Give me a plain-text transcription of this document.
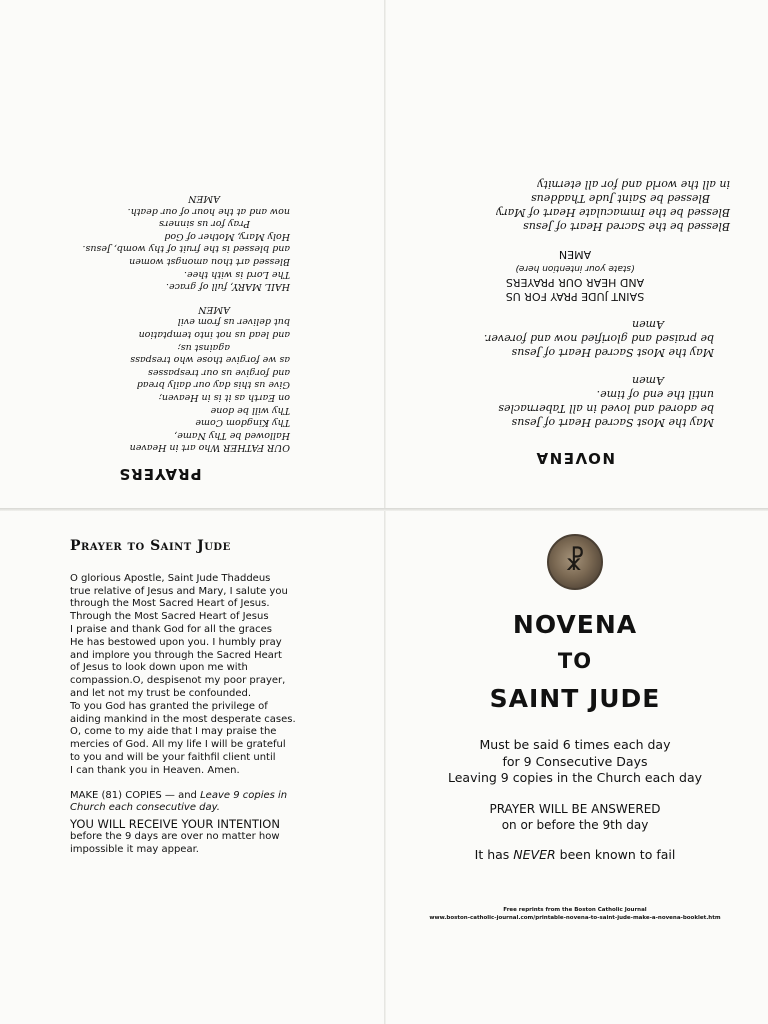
PRAYERS
OUR FATHER Who art in Heaven
Hallowed be Thy Name,
Thy Kingdom Come
Thy will be done
on Earth as it is in Heaven;
Give us this day our daily bread
and forgive us our trespasses
as we forgive those who trespass
against us;
and lead us not into temptation
but deliver us from evil
AMEN
HAIL MARY, full of grace.
The Lord is with thee.
Blessed art thou amongst women
and blessed is the fruit of thy womb, Jesus.
Holy Mary, Mother of God
Pray for us sinners
now and at the hour of our death.
AMEN
NOVENA
May the Most Sacred Heart of Jesus
be adored and loved in all Tabernacles
until the end of time.
Amen
May the Most Sacred Heart of Jesus
be praised and glorified now and forever.
Amen
SAINT JUDE PRAY FOR US
AND HEAR OUR PRAYERS
(state your intention here)
AMEN
Blessed be the Sacred Heart of Jesus
Blessed be the Immaculate Heart of Mary
Blessed be Saint Jude Thaddeus
in all the world and for all eternity
Prayer to Saint Jude
O glorious Apostle, Saint Jude Thaddeus
true relative of Jesus and Mary, I salute you
through the Most Sacred Heart of Jesus.
Through the Most Sacred Heart of Jesus
I praise and thank God for all the graces
He has bestowed upon you. I humbly pray
and implore you through the Sacred Heart
of Jesus to look down upon me with
compassion.O, despisenot my poor prayer,
and let not my trust be confounded.
To you God has granted the privilege of
aiding mankind in the most desperate cases.
O, come to my aide that I may praise the
mercies of God. All my life I will be grateful
to you and will be your faithfil client until
I can thank you in Heaven. Amen.
MAKE (81) COPIES — and Leave 9 copies in
Church each consecutive day.
YOU WILL RECEIVE YOUR INTENTION
before the 9 days are over no matter how
impossible it may appear.
☧
NOVENA
TO
SAINT JUDE
Must be said 6 times each day
for 9 Consecutive Days
Leaving 9 copies in the Church each day
PRAYER WILL BE ANSWERED
on or before the 9th day
It has NEVER been known to fail
Free reprints from the Boston Catholic Journal
www.boston-catholic-journal.com/printable-novena-to-saint-jude-make-a-novena-booklet.htm
